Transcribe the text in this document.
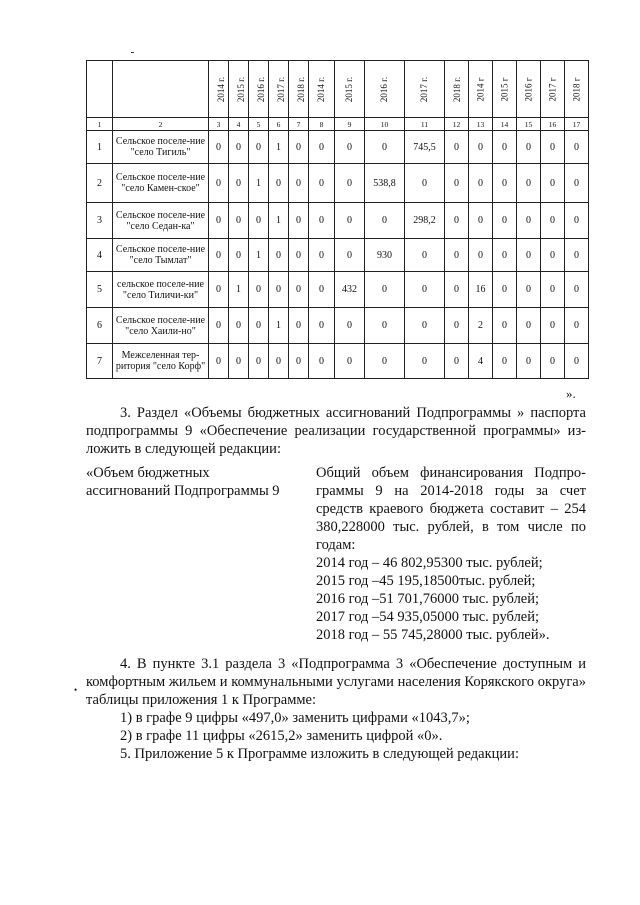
		2014 г.	2015 г.	2016 г.	2017 г.	2018 г.	2014 г.	2015 г.	2016 г.	2017 г.	2018 г.	2014 г	2015 г	2016 г	2017 г	2018 г
1	2	3	4	5	6	7	8	9	10	11	12	13	14	15	16	17
1	Сельское поселе-ние "село Тигиль"	0	0	0	1	0	0	0	0	745,5	0	0	0	0	0	0
2	Сельское поселе-ние "село Камен-ское"	0	0	1	0	0	0	0	538,8	0	0	0	0	0	0	0
3	Сельское поселе-ние "село Седан-ка"	0	0	0	1	0	0	0	0	298,2	0	0	0	0	0	0
4	Сельское поселе-ние "село Тымлат"	0	0	1	0	0	0	0	930	0	0	0	0	0	0	0
5	сельское поселе-ние "село Тиличи-ки"	0	1	0	0	0	0	432	0	0	0	16	0	0	0	0
6	Сельское поселе-ние "село Хаили-но"	0	0	0	1	0	0	0	0	0	0	2	0	0	0	0
7	Межселенная тер-ритория "село Корф"	0	0	0	0	0	0	0	0	0	0	4	0	0	0	0
».

3. Раздел «Объемы бюджетных ассигнований Подпрограммы » паспорта подпрограммы 9 «Обеспечение реализации государственной программы» из-ложить в следующей редакции:

«Объем бюджетных
ассигнований Подпрограммы 9
Общий объем финансирования Подпро-граммы 9 на 2014-2018 годы за счет средств краевого бюджета составит – 254 380,228000 тыс. рублей, в том числе по годам:
2014 год – 46 802,95300 тыс. рублей;
2015 год –45 195,18500тыс. рублей;
2016 год –51 701,76000 тыс. рублей;
2017 год –54 935,05000 тыс. рублей;
2018 год – 55 745,28000 тыс. рублей».

4. В пункте 3.1 раздела 3 «Подпрограмма 3 «Обеспечение доступным и комфортным жильем и коммунальными услугами населения Корякского округа» таблицы приложения 1 к Программе:

•

1) в графе 9 цифры «497,0» заменить цифрами «1043,7»;

2) в графе 11 цифры «2615,2» заменить цифрой «0».

5. Приложение 5 к Программе изложить в следующей редакции:
